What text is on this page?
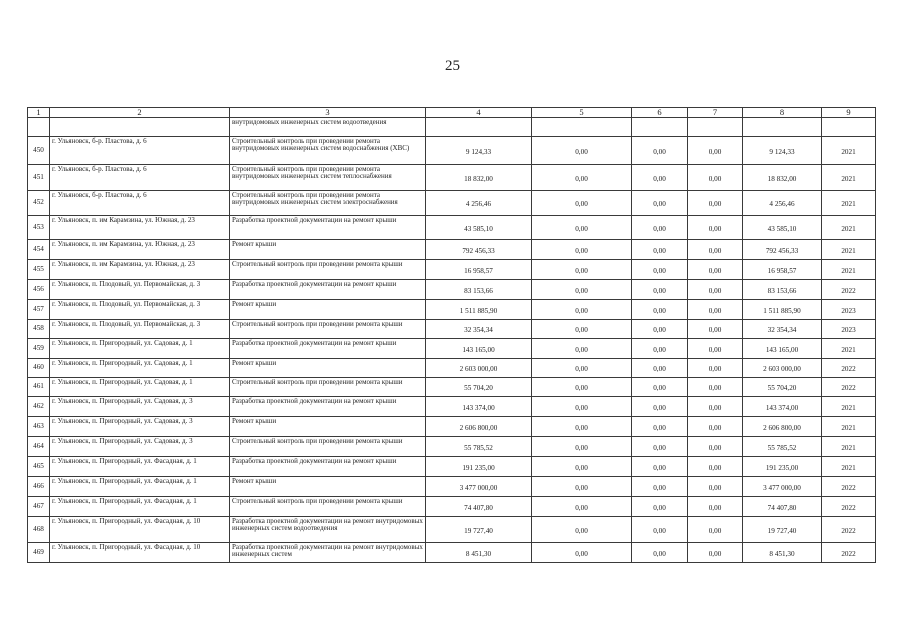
25
1	2	3	4	5	6	7	8	9
		внутридомовых инженерных систем водоотведения						
450	г. Ульяновск, б-р. Пластова, д. 6	Строительный контроль при проведении ремонта внутридомовых инженерных систем водоснабжения (ХВС)	9 124,33	0,00	0,00	0,00	9 124,33	2021
451	г. Ульяновск, б-р. Пластова, д. 6	Строительный контроль при проведении ремонта внутридомовых инженерных систем теплоснабжения	18 832,00	0,00	0,00	0,00	18 832,00	2021
452	г. Ульяновск, б-р. Пластова, д. 6	Строительный контроль при проведении ремонта внутридомовых инженерных систем электроснабжения	4 256,46	0,00	0,00	0,00	4 256,46	2021
453	г. Ульяновск, п. им Карамзина, ул. Южная, д. 23	Разработка проектной документации на ремонт крыши	43 585,10	0,00	0,00	0,00	43 585,10	2021
454	г. Ульяновск, п. им Карамзина, ул. Южная, д. 23	Ремонт крыши	792 456,33	0,00	0,00	0,00	792 456,33	2021
455	г. Ульяновск, п. им Карамзина, ул. Южная, д. 23	Строительный контроль при проведении ремонта крыши	16 958,57	0,00	0,00	0,00	16 958,57	2021
456	г. Ульяновск, п. Плодовый, ул. Первомайская, д. 3	Разработка проектной документации на ремонт крыши	83 153,66	0,00	0,00	0,00	83 153,66	2022
457	г. Ульяновск, п. Плодовый, ул. Первомайская, д. 3	Ремонт крыши	1 511 885,90	0,00	0,00	0,00	1 511 885,90	2023
458	г. Ульяновск, п. Плодовый, ул. Первомайская, д. 3	Строительный контроль при проведении ремонта крыши	32 354,34	0,00	0,00	0,00	32 354,34	2023
459	г. Ульяновск, п. Пригородный, ул. Садовая, д. 1	Разработка проектной документации на ремонт крыши	143 165,00	0,00	0,00	0,00	143 165,00	2021
460	г. Ульяновск, п. Пригородный, ул. Садовая, д. 1	Ремонт крыши	2 603 000,00	0,00	0,00	0,00	2 603 000,00	2022
461	г. Ульяновск, п. Пригородный, ул. Садовая, д. 1	Строительный контроль при проведении ремонта крыши	55 704,20	0,00	0,00	0,00	55 704,20	2022
462	г. Ульяновск, п. Пригородный, ул. Садовая, д. 3	Разработка проектной документации на ремонт крыши	143 374,00	0,00	0,00	0,00	143 374,00	2021
463	г. Ульяновск, п. Пригородный, ул. Садовая, д. 3	Ремонт крыши	2 606 800,00	0,00	0,00	0,00	2 606 800,00	2021
464	г. Ульяновск, п. Пригородный, ул. Садовая, д. 3	Строительный контроль при проведении ремонта крыши	55 785,52	0,00	0,00	0,00	55 785,52	2021
465	г. Ульяновск, п. Пригородный, ул. Фасадная, д. 1	Разработка проектной документации на ремонт крыши	191 235,00	0,00	0,00	0,00	191 235,00	2021
466	г. Ульяновск, п. Пригородный, ул. Фасадная, д. 1	Ремонт крыши	3 477 000,00	0,00	0,00	0,00	3 477 000,00	2022
467	г. Ульяновск, п. Пригородный, ул. Фасадная, д. 1	Строительный контроль при проведении ремонта крыши	74 407,80	0,00	0,00	0,00	74 407,80	2022
468	г. Ульяновск, п. Пригородный, ул. Фасадная, д. 10	Разработка проектной документации на ремонт внутридомовых инженерных систем водоотведения	19 727,40	0,00	0,00	0,00	19 727,40	2022
469	г. Ульяновск, п. Пригородный, ул. Фасадная, д. 10	Разработка проектной документации на ремонт внутридомовых инженерных систем	8 451,30	0,00	0,00	0,00	8 451,30	2022
